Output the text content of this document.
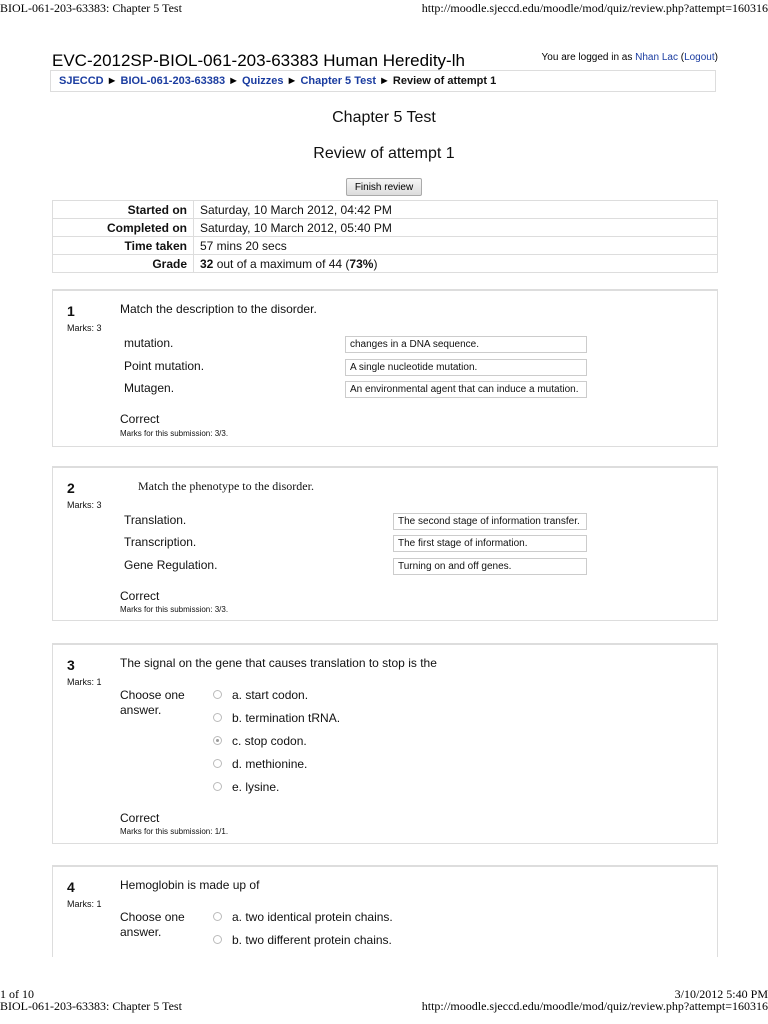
BIOL-061-203-63383: Chapter 5 Test	http://moodle.sjeccd.edu/moodle/mod/quiz/review.php?attempt=160316
1 of 10	3/10/2012 5:40 PM
BIOL-061-203-63383: Chapter 5 Test	http://moodle.sjeccd.edu/moodle/mod/quiz/review.php?attempt=160316
EVC-2012SP-BIOL-061-203-63383 Human Heredity-lh	You are logged in as Nhan Lac (Logout)
SJECCD ► BIOL-061-203-63383 ► Quizzes ► Chapter 5 Test ► Review of attempt 1
Chapter 5 Test
Review of attempt 1
Finish review
Started on	Saturday, 10 March 2012, 04:42 PM
Completed on	Saturday, 10 March 2012, 05:40 PM
Time taken	57 mins 20 secs
Grade	32 out of a maximum of 44 (73%)
1
Marks: 3
Match the description to the disorder.
mutation.	changes in a DNA sequence.
Point mutation.	A single nucleotide mutation.
Mutagen.	An environmental agent that can induce a mutation.
Correct
Marks for this submission: 3/3.
2
Marks: 3
Match the phenotype to the disorder.
Translation.	The second stage of information transfer.
Transcription.	The first stage of information.
Gene Regulation.	Turning on and off genes.
Correct
Marks for this submission: 3/3.
3
Marks: 1
The signal on the gene that causes translation to stop is the
Choose one answer.
a. start codon.
b. termination tRNA.
c. stop codon.
d. methionine.
e. lysine.
Correct
Marks for this submission: 1/1.
4
Marks: 1
Hemoglobin is made up of
Choose one answer.
a. two identical protein chains.
b. two different protein chains.
